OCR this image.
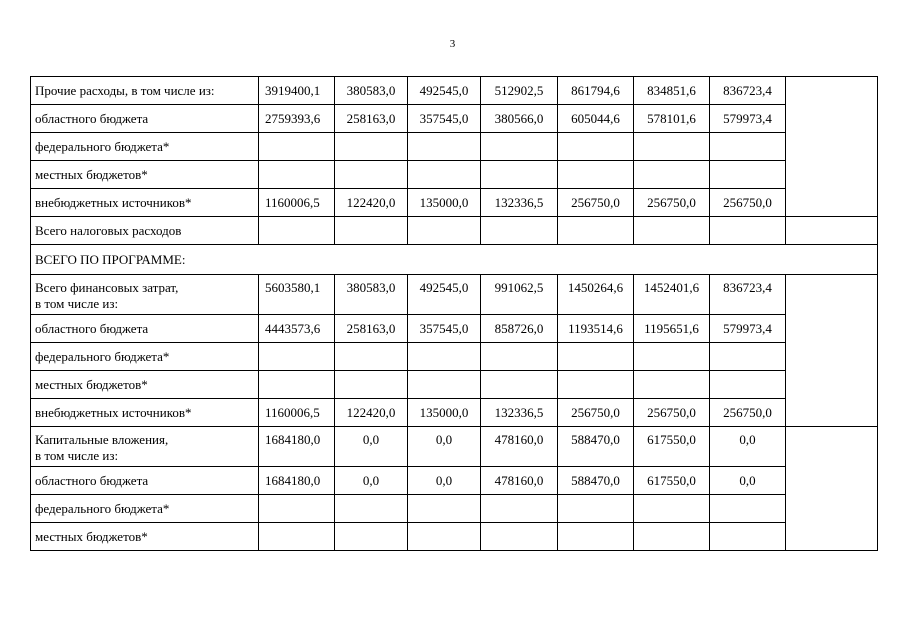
3
Прочие расходы, в том числе из:	3919400,1	380583,0	492545,0	512902,5	861794,6	834851,6	836723,4	
областного бюджета	2759393,6	258163,0	357545,0	380566,0	605044,6	578101,6	579973,4	
федерального бюджета*								
местных бюджетов*								
внебюджетных источников*	1160006,5	122420,0	135000,0	132336,5	256750,0	256750,0	256750,0	
Всего налоговых расходов								
ВСЕГО ПО ПРОГРАММЕ:								
Всего финансовых затрат,
в том числе из:	5603580,1	380583,0	492545,0	991062,5	1450264,6	1452401,6	836723,4	
областного бюджета	4443573,6	258163,0	357545,0	858726,0	1193514,6	1195651,6	579973,4	
федерального бюджета*								
местных бюджетов*								
внебюджетных источников*	1160006,5	122420,0	135000,0	132336,5	256750,0	256750,0	256750,0	
Капитальные вложения,
в том числе из:	1684180,0	0,0	0,0	478160,0	588470,0	617550,0	0,0	
областного бюджета	1684180,0	0,0	0,0	478160,0	588470,0	617550,0	0,0	
федерального бюджета*								
местных бюджетов*								
